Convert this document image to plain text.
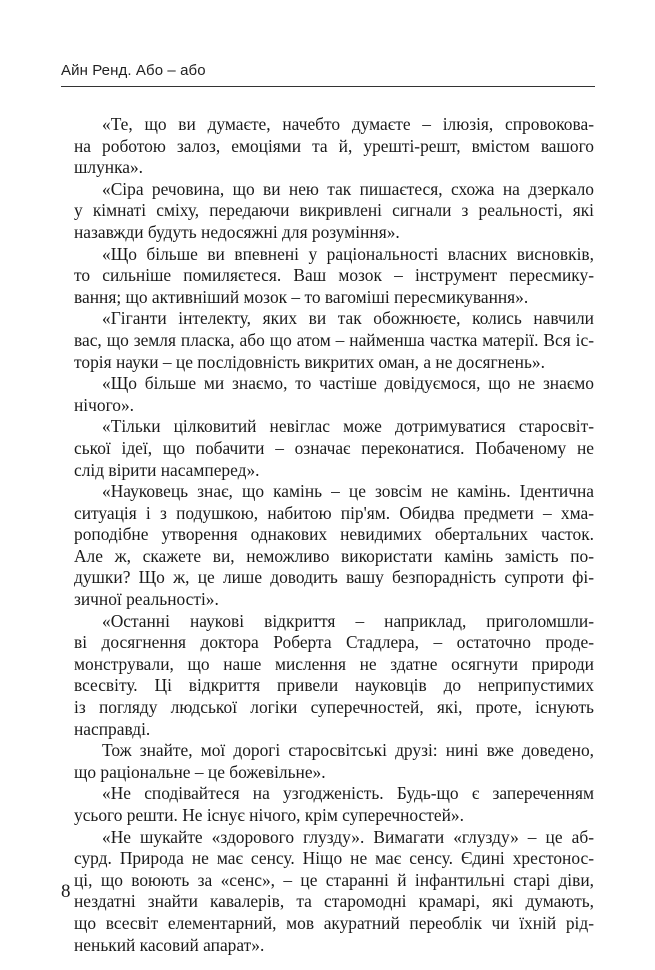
Айн Ренд. Або – або
«Те, що ви думаєте, начебто думаєте – ілюзія, спровокова-
на роботою залоз, емоціями та й, урешті-решт, вмістом вашого
шлунка».
«Сіра речовина, що ви нею так пишаєтеся, схожа на дзеркало
у кімнаті сміху, передаючи викривлені сигнали з реальності, які
назавжди будуть недосяжні для розуміння».
«Що більше ви впевнені у раціональності власних висновків,
то сильніше помиляєтеся. Ваш мозок – інструмент пересмику-
вання; що активніший мозок – то вагоміші пересмикування».
«Гіганти інтелекту, яких ви так обожнюєте, колись навчили
вас, що земля пласка, або що атом – найменша частка матерії. Вся іс-
торія науки – це послідовність викритих оман, а не досягнень».
«Що більше ми знаємо, то частіше довідуємося, що не знаємо
нічого».
«Тільки цілковитий невіглас може дотримуватися старосвіт-
ської ідеї, що побачити – означає переконатися. Побаченому не
слід вірити насамперед».
«Науковець знає, що камінь – це зовсім не камінь. Ідентична
ситуація і з подушкою, набитою пір'ям. Обидва предмети – хма-
роподібне утворення однакових невидимих обертальних часток.
Але ж, скажете ви, неможливо використати камінь замість по-
душки? Що ж, це лише доводить вашу безпорадність супроти фі-
зичної реальності».
«Останні наукові відкриття – наприклад, приголомшли-
ві досягнення доктора Роберта Стадлера, – остаточно продe-
монстрували, що наше мислення не здатне осягнути природи
всесвіту. Ці відкриття привели науковців до неприпустимих
із погляду людської логіки суперечностей, які, проте, існують
насправді.
Тож знайте, мої дорогі старосвітські друзі: нині вже доведено,
що раціональне – це божевільне».
«Не сподівайтеся на узгодженість. Будь-що є запереченням
усього решти. Не існує нічого, крім суперечностей».
«Не шукайте «здорового глузду». Вимагати «глузду» – це аб-
сурд. Природа не має сенсу. Ніщо не має сенсу. Єдині хрестонос-
ці, що воюють за «сенс», – це старанні й інфантильні старі діви,
нездатні знайти кавалерів, та старомодні крамарі, які думають,
що всесвіт елементарний, мов акуратний переоблік чи їхній рід-
ненький касовий апарат».
8
